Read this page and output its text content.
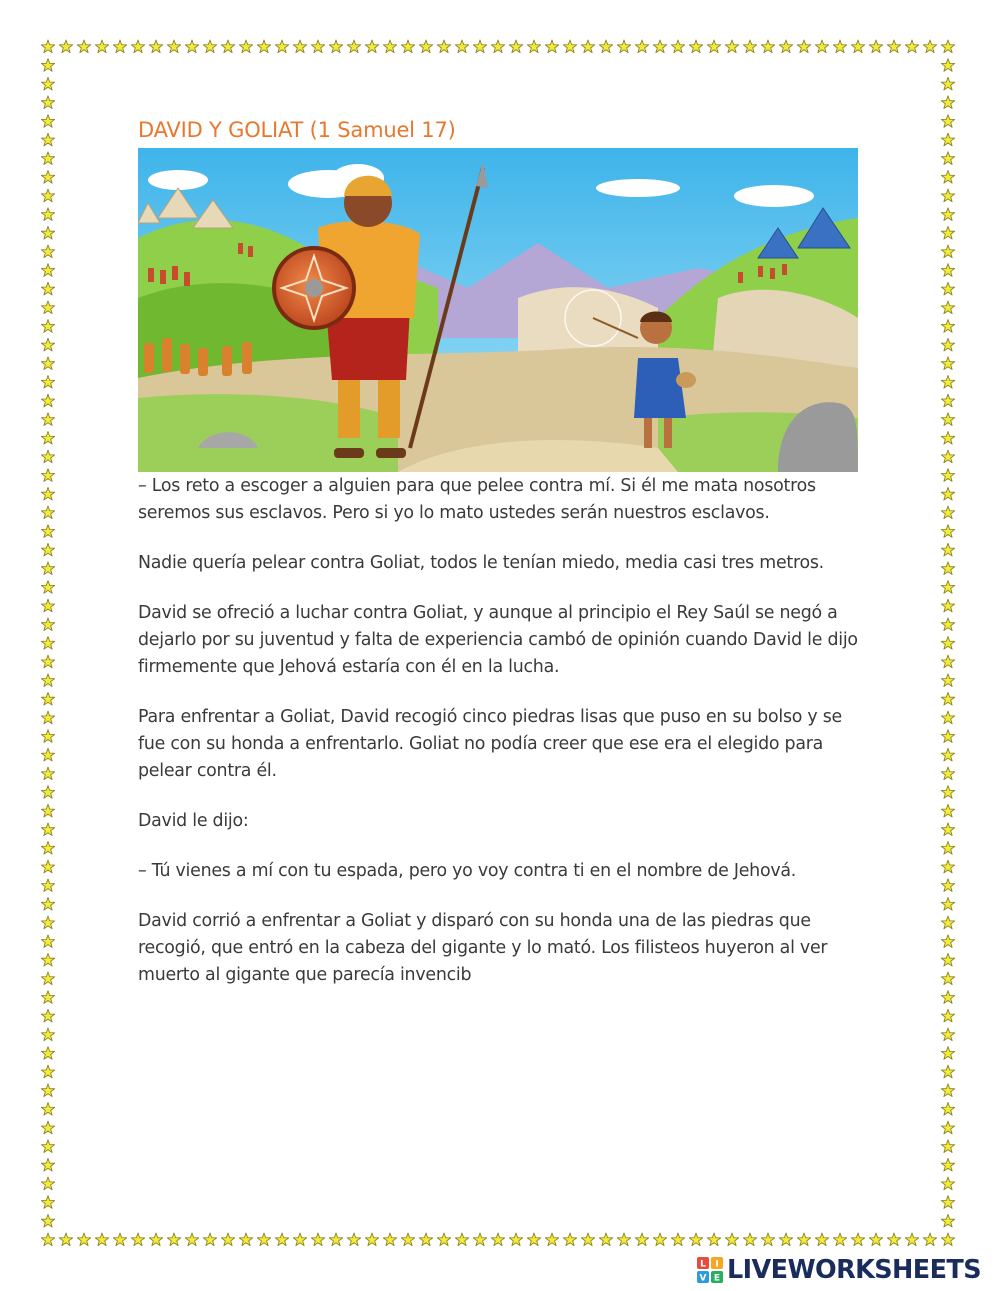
DAVID Y GOLIAT (1 Samuel 17)

– Los reto a escoger a alguien para que pelee contra mí. Si él me mata nosotros seremos sus esclavos. Pero si yo lo mato ustedes serán nuestros esclavos.

Nadie quería pelear contra Goliat, todos le tenían miedo, media casi tres metros.

David se ofreció a luchar contra Goliat, y aunque al principio el Rey Saúl se negó a dejarlo por su juventud y falta de experiencia cambó de opinión cuando David le dijo firmemente que Jehová estaría con él en la lucha.

Para enfrentar a Goliat, David recogió cinco piedras lisas que puso en su bolso y se fue con su honda a enfrentarlo. Goliat no podía creer que ese era el elegido para pelear contra él.

David le dijo:

– Tú vienes a mí con tu espada, pero yo voy contra ti en el nombre de Jehová.

David corrió a enfrentar a Goliat y disparó con su honda una de las piedras que recogió, que entró en la cabeza del gigante y lo mató. Los filisteos huyeron al ver muerto al gigante que parecía invencib

L I
V E LIVEWORKSHEETS
